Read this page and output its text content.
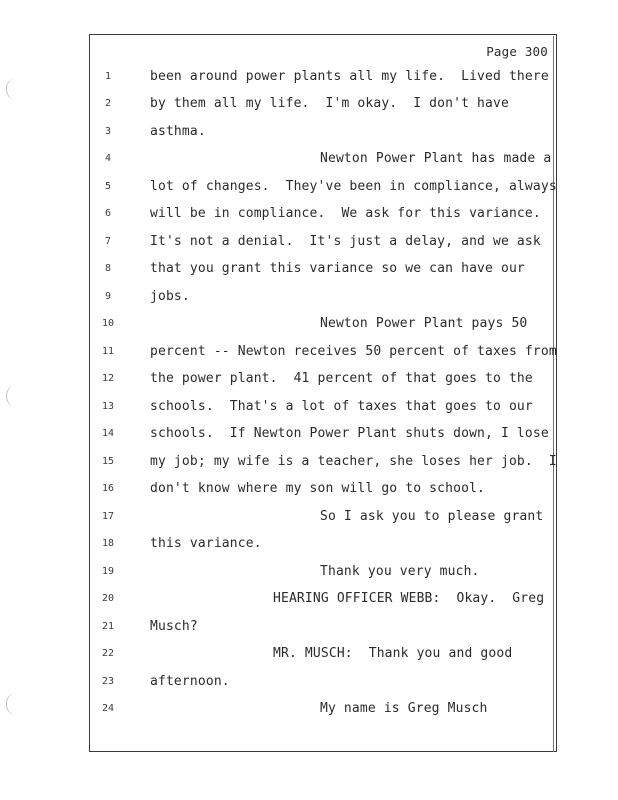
Page 300
1	been around power plants all my life.  Lived there
2	by them all my life.  I'm okay.  I don't have
3	asthma.
4	Newton Power Plant has made a
5	lot of changes.  They've been in compliance, always
6	will be in compliance.  We ask for this variance.
7	It's not a denial.  It's just a delay, and we ask
8	that you grant this variance so we can have our
9	jobs.
10	Newton Power Plant pays 50
11	percent -- Newton receives 50 percent of taxes from
12	the power plant.  41 percent of that goes to the
13	schools.  That's a lot of taxes that goes to our
14	schools.  If Newton Power Plant shuts down, I lose
15	my job; my wife is a teacher, she loses her job.  I
16	don't know where my son will go to school.
17	So I ask you to please grant
18	this variance.
19	Thank you very much.
20	HEARING OFFICER WEBB:  Okay.  Greg
21	Musch?
22	MR. MUSCH:  Thank you and good
23	afternoon.
24	My name is Greg Musch
